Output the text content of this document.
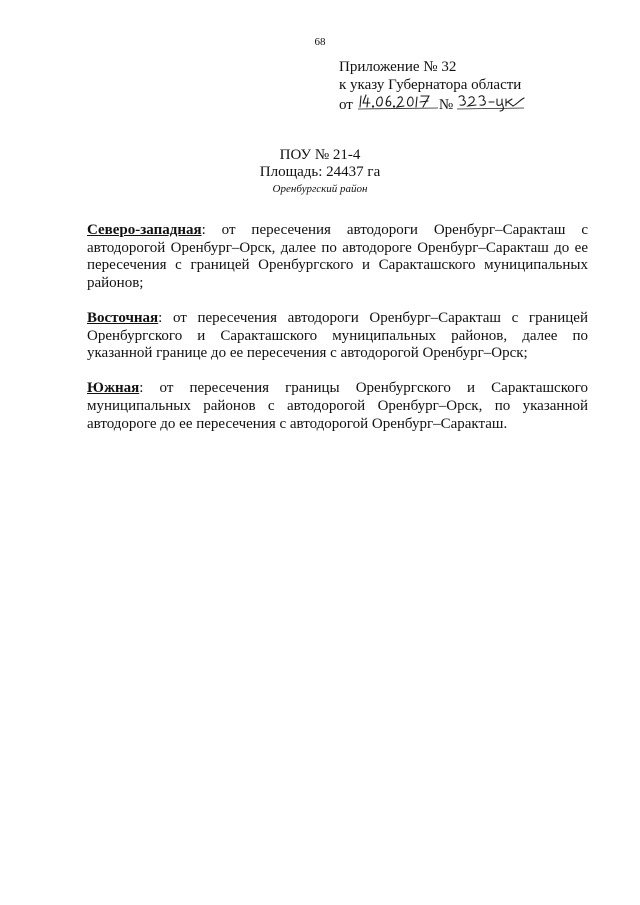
68
Приложение № 32
к указу Губернатора области
от	№
ПОУ № 21-4
Площадь: 24437 га
Оренбургский район

Северо-западная: от пересечения автодороги Оренбург–Саракташ с автодорогой Оренбург–Орск, далее по автодороге Оренбург–Саракташ до ее пересечения с границей Оренбургского и Саракташского муниципальных районов;

Восточная: от пересечения автодороги Оренбург–Саракташ с границей Оренбургского и Саракташского муниципальных районов, далее по указанной границе до ее пересечения с автодорогой Оренбург–Орск;

Южная: от пересечения границы Оренбургского и Саракташского муниципальных районов с автодорогой Оренбург–Орск, по указанной автодороге до ее пересечения с автодорогой Оренбург–Саракташ.
